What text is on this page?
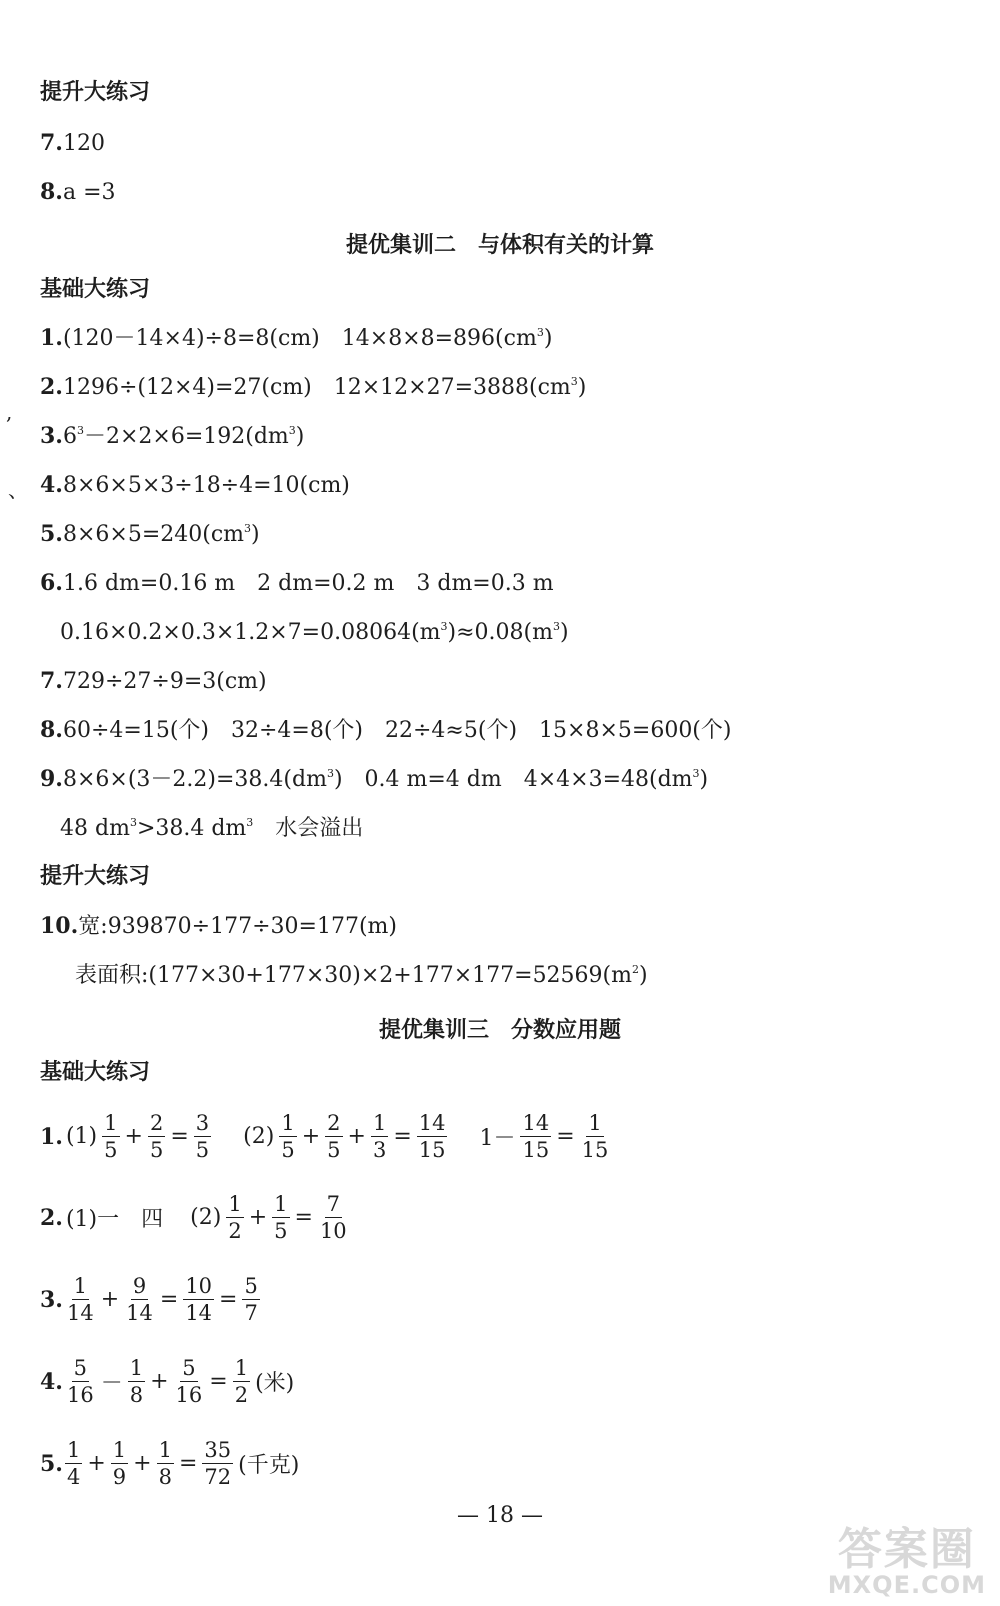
提升大练习
7.120
8.a =3
提优集训二　与体积有关的计算
基础大练习
1.(120－14×4)÷8=8(cm)　$14\times 8\times 8=896(cm^3)$
2.1296÷(12×4)=27(cm)　$12\times 12\times 27=3888(cm^3)$
$3.6^3-2\times 2\times 6=192(dm^3)$
4.8×6×5×3÷18÷4=10(cm)
$5.8\times 6\times 5=240(cm^3)$
6.1.6 dm=0.16 m　2 dm=0.2 m　3 dm=0.3 m
$0.16\times 0.2\times 0.3\times 1.2\times 7=0.08064(m^3)\approx 0.08(m^3)$
7.729÷27÷9=3(cm)
8.60÷4=15(个)　32÷4=8(个)　22÷4≈5(个)　15×8×5=600(个)
$9.8\times 6\times(3-2.2)=38.4(dm^3)$　0.4 m=4 dm　$4\times 4\times 3=48(dm^3)$
48 $dm^3>38.4$ $dm^3$　水会溢出
提升大练习
10.宽:939870÷177÷30=177(m)
表面积$:(177\times 30+177\times 30)\times 2+177\times 177=52569(m^2)$
提优集训三　分数应用题
基础大练习
1. $(1) \frac{1}{5} + \frac{2}{5} = \frac{3}{5} (2) \frac{1}{5} + \frac{2}{5} + \frac{1}{3} = \frac{14}{15} 1- \frac{14}{15} = \frac{1}{15}$
2. (1)一　四 $(2) \frac{1}{2} + \frac{1}{5} = \frac{7}{10}$
3. $\frac{1}{14} + \frac{9}{14} = \frac{10}{14} = \frac{5}{7}$
4. $\frac{5}{16} - \frac{1}{8} + \frac{5}{16} = \frac{1}{2}$ (米)
5. $\frac{1}{4} + \frac{1}{9} + \frac{1}{8} = \frac{35}{72}$ (千克)
,
、
— 18 —
答案圈
MXQE.COM
